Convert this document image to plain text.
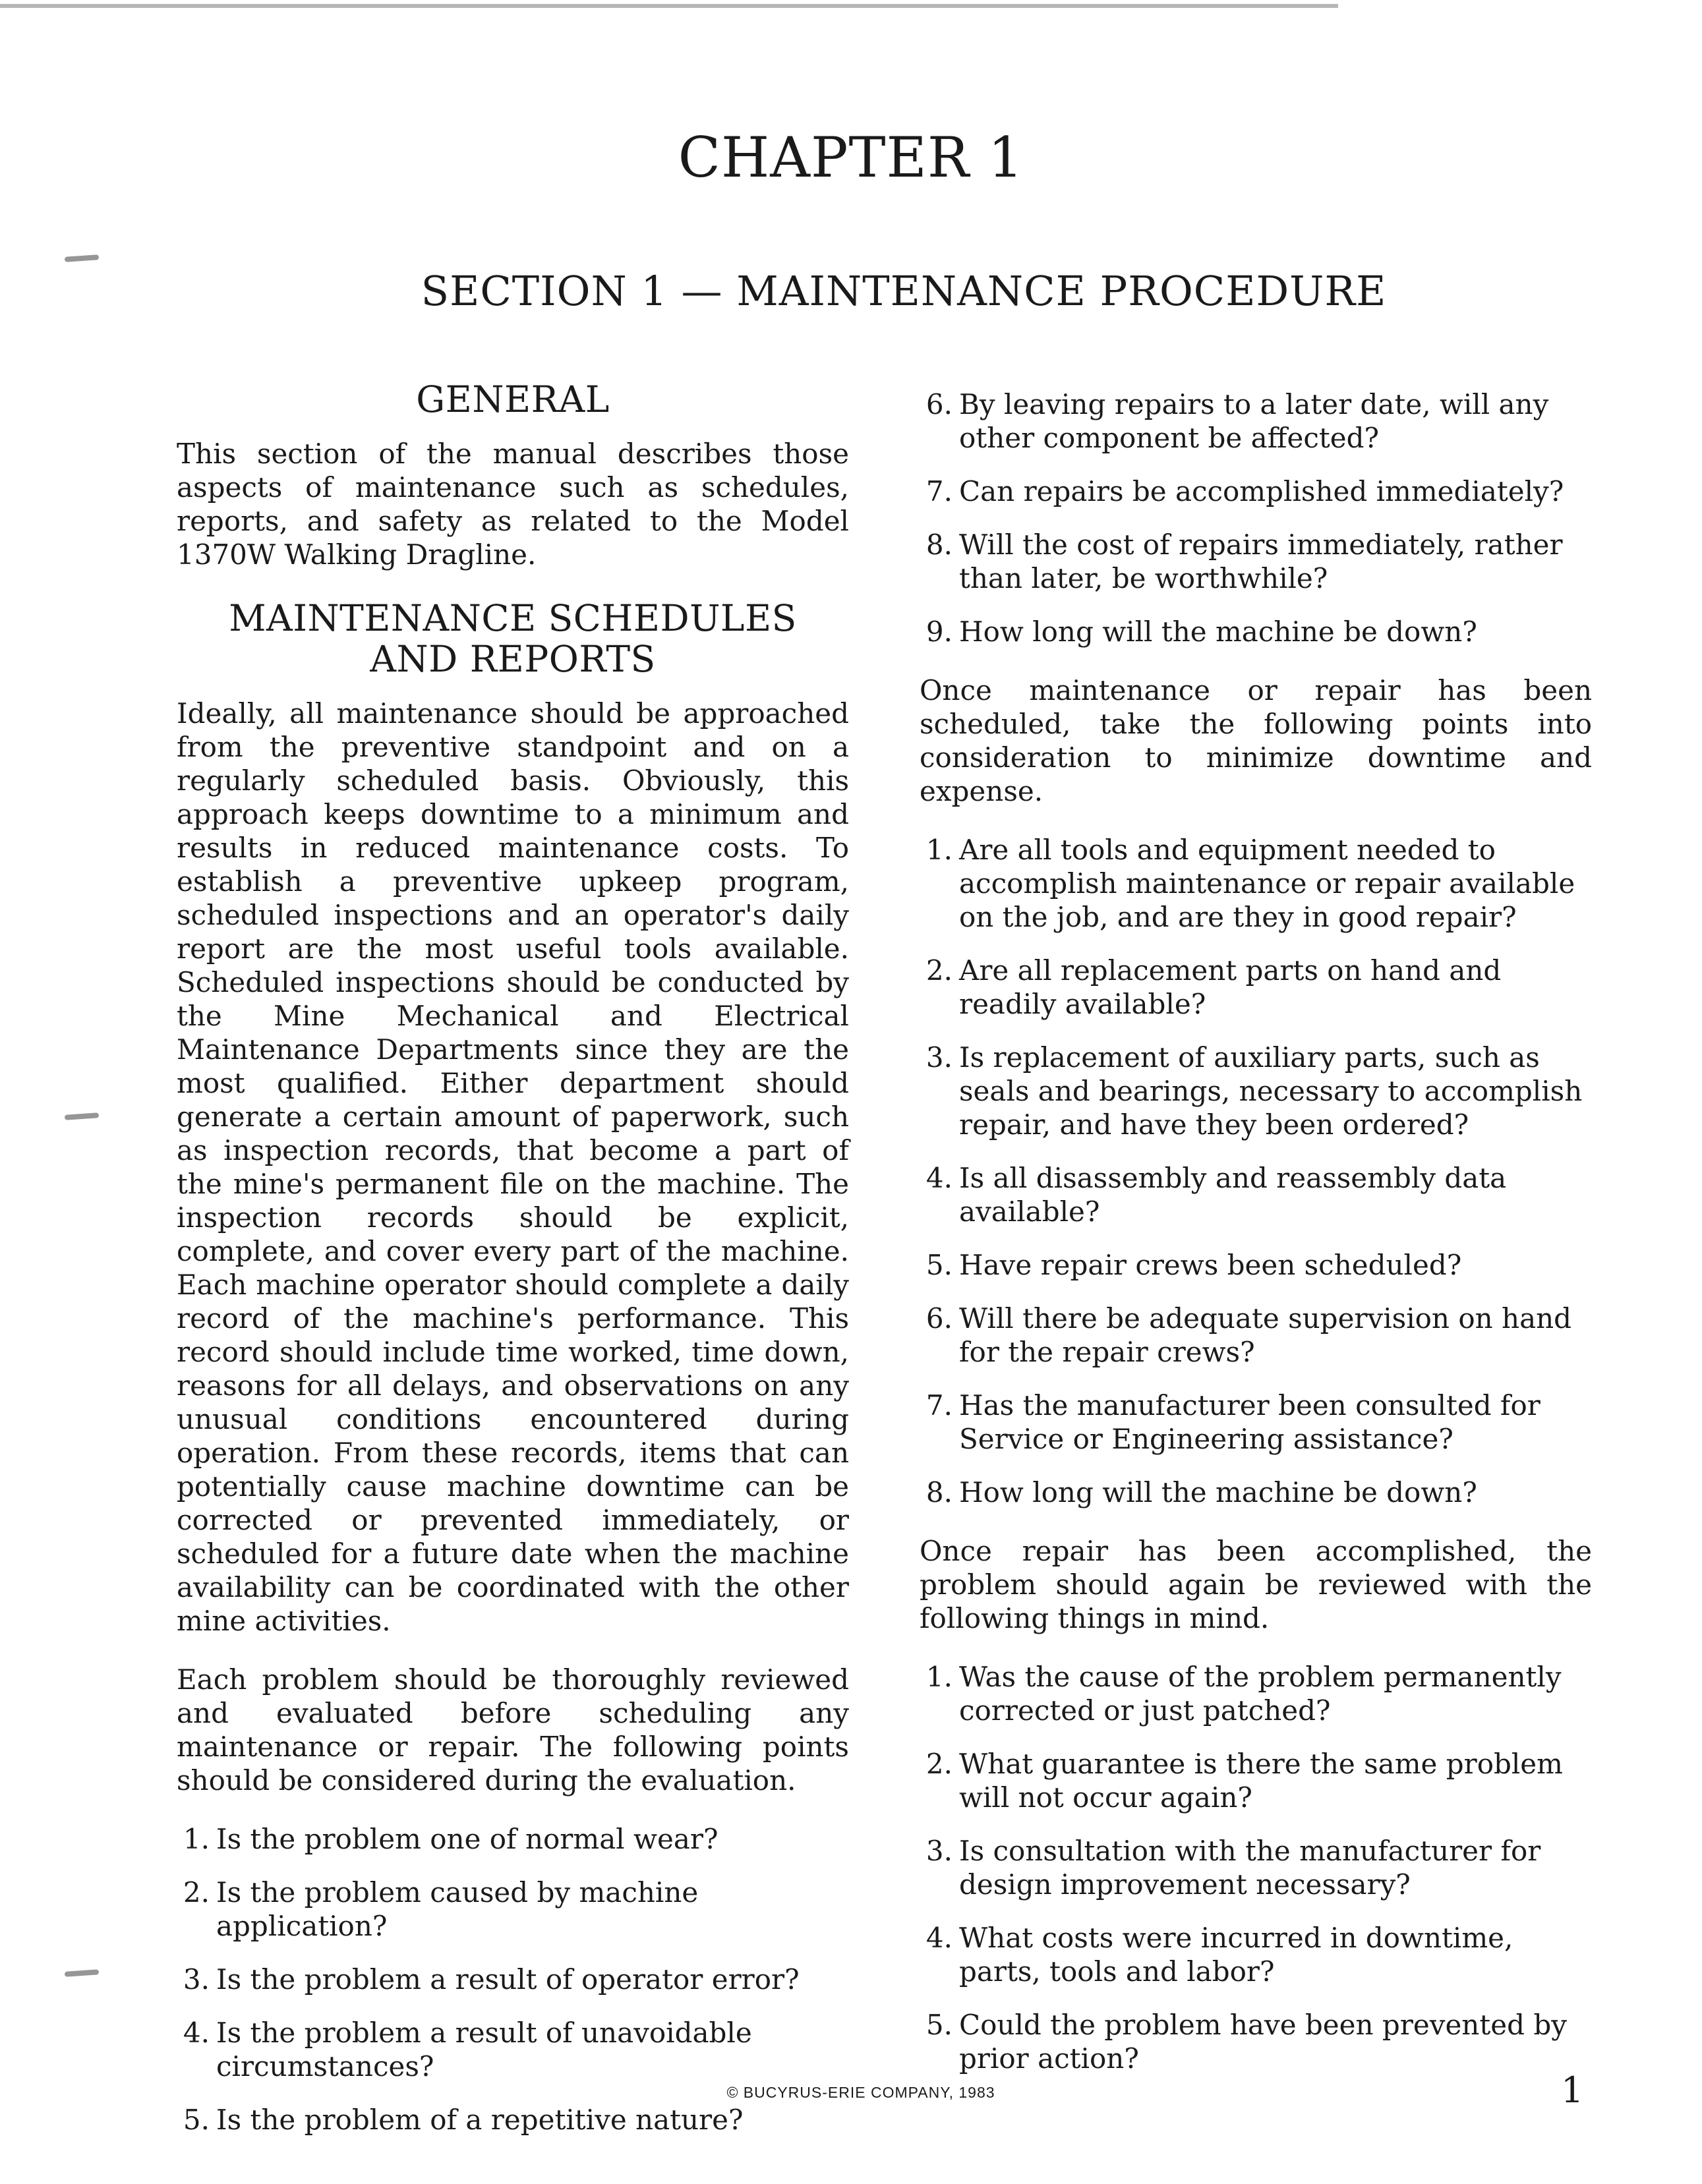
CHAPTER 1
SECTION 1 — MAINTENANCE PROCEDURE
GENERAL

This section of the manual describes those aspects of maintenance such as schedules, reports, and safety as related to the Model 1370W Walking Dragline.

MAINTENANCE SCHEDULES
AND REPORTS

Ideally, all maintenance should be approached from the preventive standpoint and on a regularly scheduled basis. Obviously, this approach keeps downtime to a minimum and results in reduced maintenance costs. To establish a preventive upkeep program, scheduled inspections and an operator's daily report are the most useful tools available. Scheduled inspections should be conducted by the Mine Mechanical and Electrical Maintenance Departments since they are the most qualified. Either department should generate a certain amount of paperwork, such as inspection records, that become a part of the mine's permanent file on the machine. The inspection records should be explicit, complete, and cover every part of the machine. Each machine operator should complete a daily record of the machine's performance. This record should include time worked, time down, reasons for all delays, and observations on any unusual conditions encountered during operation. From these records, items that can potentially cause machine downtime can be corrected or prevented immediately, or scheduled for a future date when the machine availability can be coordinated with the other mine activities.

Each problem should be thoroughly reviewed and evaluated before scheduling any maintenance or repair. The following points should be considered during the evaluation.

1. Is the problem one of normal wear?
2. Is the problem caused by machine application?
3. Is the problem a result of operator error?
4. Is the problem a result of unavoidable circumstances?
5. Is the problem of a repetitive nature?
6. By leaving repairs to a later date, will any other component be affected?
7. Can repairs be accomplished immediately?
8. Will the cost of repairs immediately, rather than later, be worthwhile?
9. How long will the machine be down?

Once maintenance or repair has been scheduled, take the following points into consideration to minimize downtime and expense.

1. Are all tools and equipment needed to accomplish maintenance or repair available on the job, and are they in good repair?
2. Are all replacement parts on hand and readily available?
3. Is replacement of auxiliary parts, such as seals and bearings, necessary to accomplish repair, and have they been ordered?
4. Is all disassembly and reassembly data available?
5. Have repair crews been scheduled?
6. Will there be adequate supervision on hand for the repair crews?
7. Has the manufacturer been consulted for Service or Engineering assistance?
8. How long will the machine be down?

Once repair has been accomplished, the problem should again be reviewed with the following things in mind.

1. Was the cause of the problem permanently corrected or just patched?
2. What guarantee is there the same problem will not occur again?
3. Is consultation with the manufacturer for design improvement necessary?
4. What costs were incurred in downtime, parts, tools and labor?
5. Could the problem have been prevented by prior action?
© BUCYRUS-ERIE COMPANY, 1983	1
